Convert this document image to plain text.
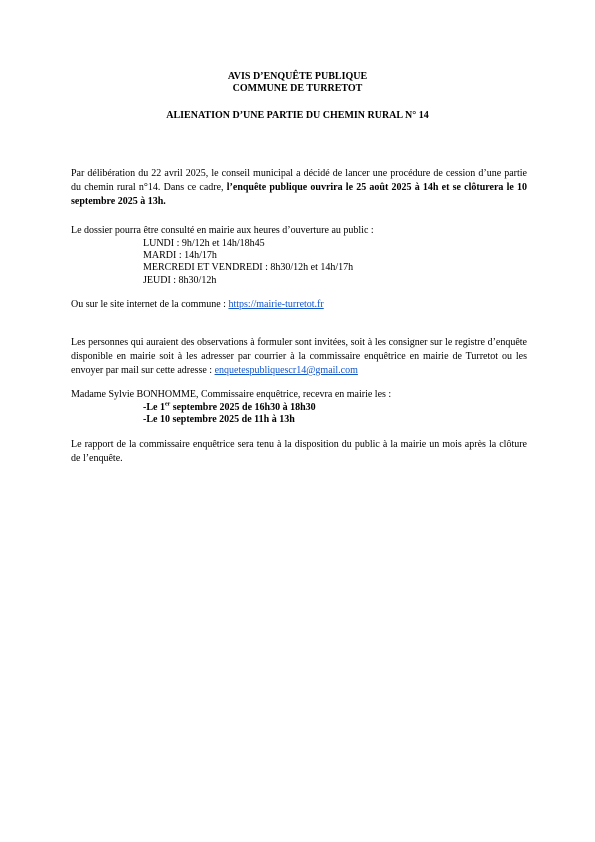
AVIS D’ENQUÊTE PUBLIQUE
COMMUNE DE TURRETOT
ALIENATION D’UNE PARTIE DU CHEMIN RURAL N° 14
Par délibération du 22 avril 2025, le conseil municipal a décidé de lancer une procédure de cession d’une partie du chemin rural n°14. Dans ce cadre, l’enquête publique ouvrira le 25 août 2025 à 14h et se clôturera le 10 septembre 2025 à 13h.
Le dossier pourra être consulté en mairie aux heures d’ouverture au public :
LUNDI : 9h/12h et 14h/18h45
MARDI : 14h/17h
MERCREDI ET VENDREDI : 8h30/12h et 14h/17h
JEUDI : 8h30/12h
Ou sur le site internet de la commune : https://mairie-turretot.fr
Les personnes qui auraient des observations à formuler sont invitées, soit à les consigner sur le registre d’enquête disponible en mairie soit à les adresser par courrier à la commissaire enquêtrice en mairie de Turretot ou les envoyer par mail sur cette adresse : enquetespubliquescr14@gmail.com
Madame Sylvie BONHOMME, Commissaire enquêtrice, recevra en mairie les :
-Le 1er septembre 2025 de 16h30 à 18h30
-Le 10 septembre 2025 de 11h à 13h
Le rapport de la commissaire enquêtrice sera tenu à la disposition du public à la mairie un mois après la clôture de l’enquête.
